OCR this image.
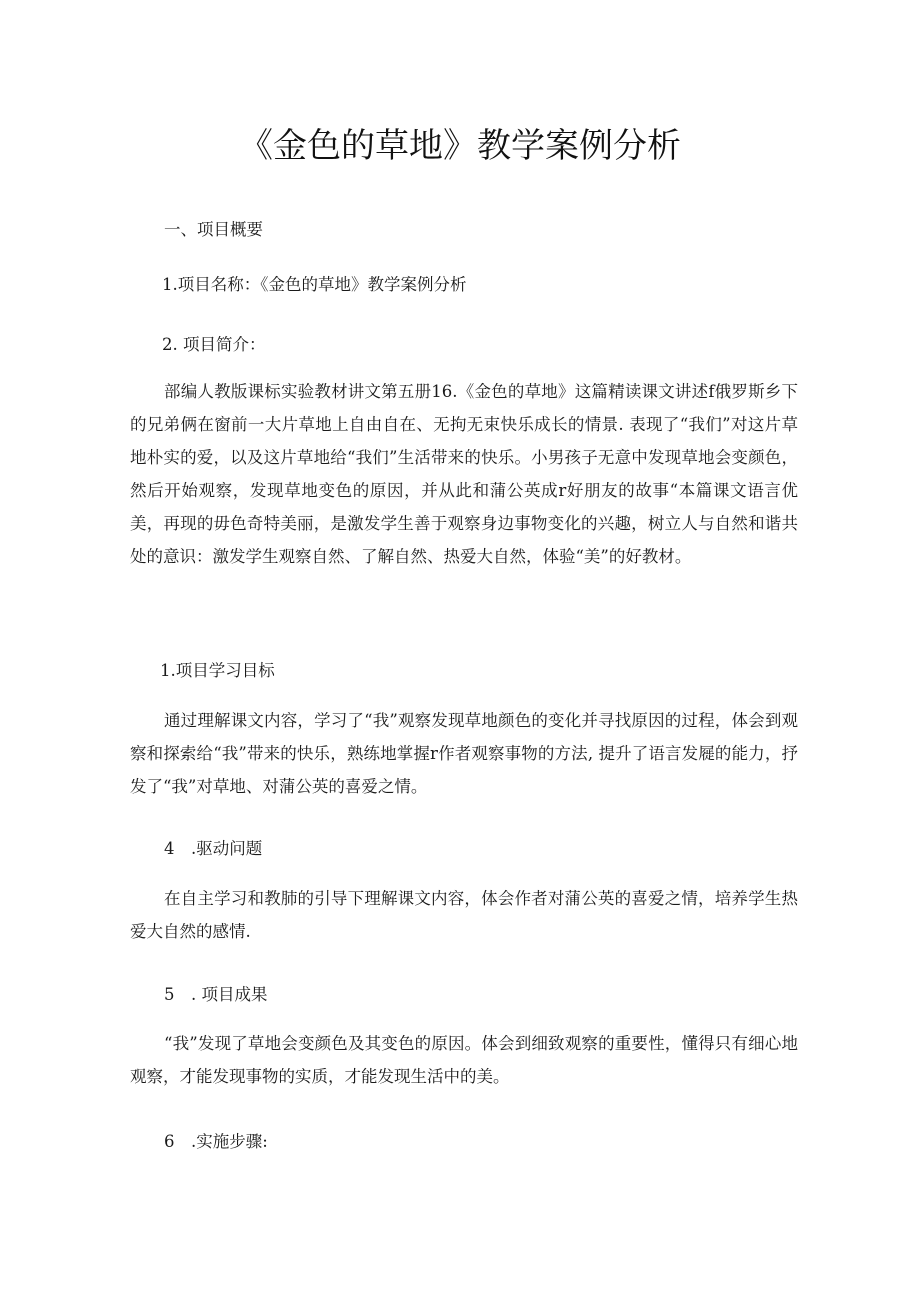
《金色的草地》教学案例分析

一、项目概要

1.项目名称：《金色的草地》教学案例分析

2. 项目简介：

部编人教版课标实验教材讲文第五册16.《金色的草地》这篇精读课文讲述f俄罗斯乡下的兄弟俩在窗前一大片草地上自由自在、无拘无束快乐成长的情景. 表现了“我们”对这片草地朴实的爱，以及这片草地给“我们”生活带来的快乐。小男孩子无意中发现草地会变颜色，然后开始观察，发现草地变色的原因，并从此和蒲公英成r好朋友的故事“本篇课文语言优美，再现的毋色奇特美丽，是激发学生善于观察身边事物变化的兴趣，树立人与自然和谐共处的意识：激发学生观察自然、了解自然、热爱大自然，体验“美”的好教材。

1.项目学习目标

通过理解课文内容，学习了“我”观察发现草地颜色的变化并寻找原因的过程，体会到观察和探索给“我”带来的快乐，熟练地掌握r作者观察事物的方法, 提升了语言发屣的能力，抒发了“我”对草地、对蒲公英的喜爱之情。

4　.驱动问题

在自主学习和教肺的引导下理解课文内容，体会作者对蒲公英的喜爱之情，培养学生热爱大自然的感情.

5　. 项目成果

“我”发现了草地会变颜色及其变色的原因。体会到细致观察的重要性，懂得只有细心地观察，才能发现事物的实质，才能发现生活中的美。

6　.实施步骤:
